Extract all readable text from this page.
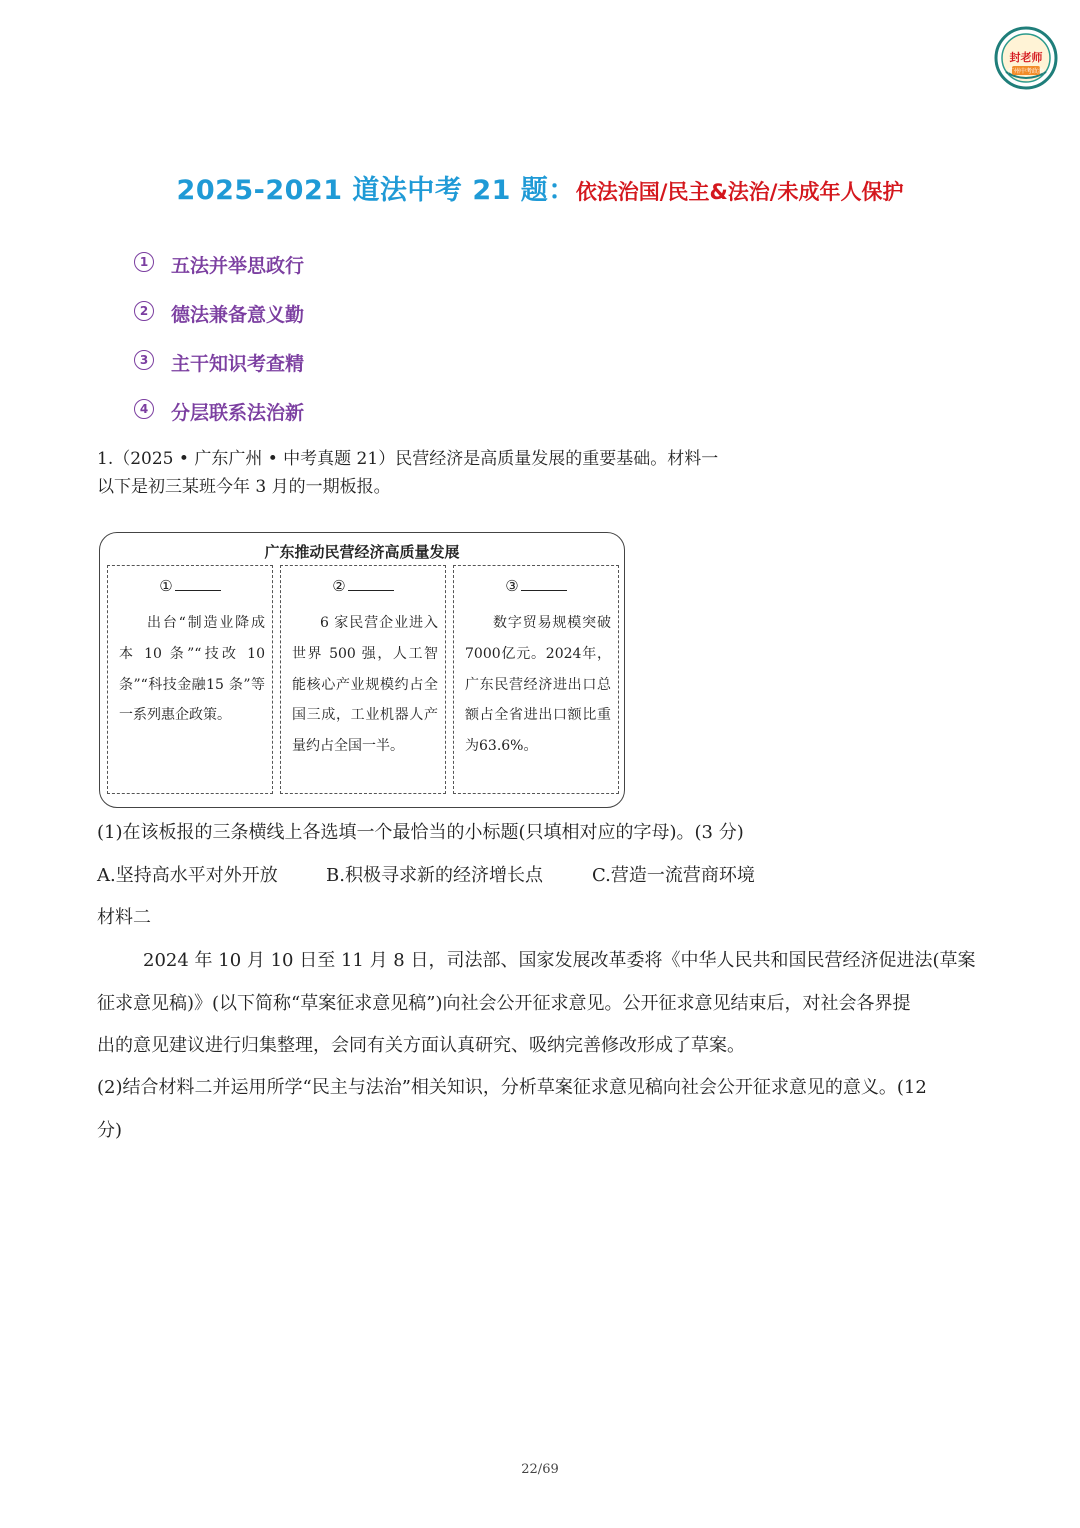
广州中考政治
封老师
2025-2021 道法中考 21 题：依法治国/民主&法治/未成年人保护
1	五法并举思政行
2	德法兼备意义勤
3	主干知识考查精
4	分层联系法治新
1.（2025 • 广东广州 • 中考真题 21）民营经济是高质量发展的重要基础。材料一
以下是初三某班今年 3 月的一期板报。
广东推动民营经济高质量发展
①
出台“制造业降成本 10 条”“技改 10 条”“科技金融15 条”等一系列惠企政策。
②
6 家民营企业进入世界 500 强，人工智能核心产业规模约占全国三成，工业机器人产量约占全国一半。
③
数字贸易规模突破7000亿元。2024年，广东民营经济进出口总额占全省进出口额比重为63.6%。
(1)在该板报的三条横线上各选填一个最恰当的小标题(只填相对应的字母)。(3 分)
A.坚持高水平对外开放	B.积极寻求新的经济增长点	C.营造一流营商环境
材料二
2024 年 10 月 10 日至 11 月 8 日，司法部、国家发展改革委将《中华人民共和国民营经济促进法(草案
征求意见稿)》(以下简称“草案征求意见稿”)向社会公开征求意见。公开征求意见结束后，对社会各界提
出的意见建议进行归集整理，会同有关方面认真研究、吸纳完善修改形成了草案。
(2)结合材料二并运用所学“民主与法治”相关知识，分析草案征求意见稿向社会公开征求意见的意义。(12
分)
22/69
